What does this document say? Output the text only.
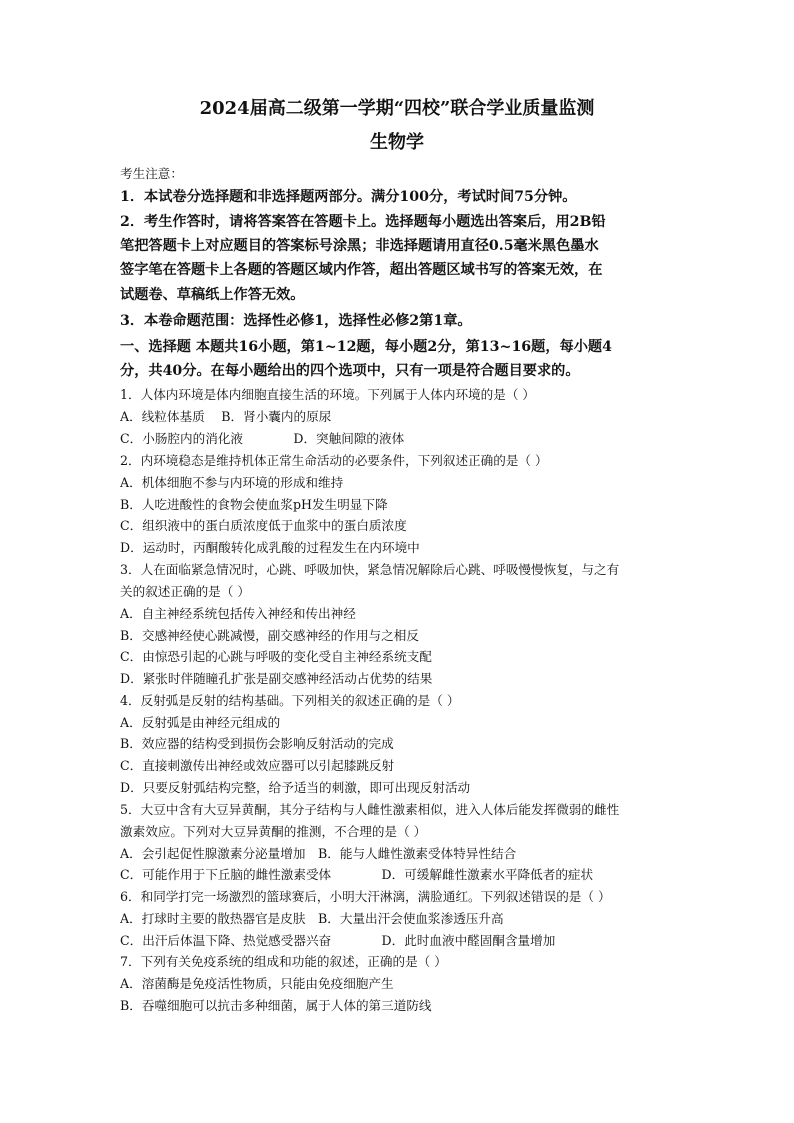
2024届高二级第一学期“四校”联合学业质量监测
生物学

考生注意：

1．本试卷分选择题和非选择题两部分。满分100分，考试时间75分钟。

2．考生作答时，请将答案答在答题卡上。选择题每小题选出答案后，用2B铅

笔把答题卡上对应题目的答案标号涂黑；非选择题请用直径0.5毫米黑色墨水

签字笔在答题卡上各题的答题区域内作答，超出答题区域书写的答案无效，在

试题卷、草稿纸上作答无效。

3．本卷命题范围：选择性必修1，选择性必修2第1章。

一、选择题 本题共16小题，第1~12题，每小题2分，第13~16题，每小题4

分，共40分。在每小题给出的四个选项中，只有一项是符合题目要求的。

1．人体内环境是体内细胞直接生活的环境。下列属于人体内环境的是（ ）

A．线粒体基质　 B．肾小囊内的原尿

C．小肠腔内的消化液　　　　D．突触间隙的液体

2．内环境稳态是维持机体正常生命活动的必要条件，下列叙述正确的是（ ）

A．机体细胞不参与内环境的形成和维持

B．人吃进酸性的食物会使血浆pH发生明显下降

C．组织液中的蛋白质浓度低于血浆中的蛋白质浓度

D．运动时，丙酮酸转化成乳酸的过程发生在内环境中

3．人在面临紧急情况时，心跳、呼吸加快，紧急情况解除后心跳、呼吸慢慢恢复，与之有

关的叙述正确的是（ ）

A．自主神经系统包括传入神经和传出神经

B．交感神经使心跳减慢，副交感神经的作用与之相反

C．由惊恐引起的心跳与呼吸的变化受自主神经系统支配

D．紧张时伴随瞳孔扩张是副交感神经活动占优势的结果

4．反射弧是反射的结构基础。下列相关的叙述正确的是（ ）

A．反射弧是由神经元组成的

B．效应器的结构受到损伤会影响反射活动的完成

C．直接刺激传出神经或效应器可以引起膝跳反射

D．只要反射弧结构完整，给予适当的刺激，即可出现反射活动

5．大豆中含有大豆异黄酮，其分子结构与人雌性激素相似，进入人体后能发挥微弱的雌性

激素效应。下列对大豆异黄酮的推测，不合理的是（ ）

A．会引起促性腺激素分泌量增加　B．能与人雌性激素受体特异性结合

C．可能作用于下丘脑的雌性激素受体　　　　D．可缓解雌性激素水平降低者的症状

6．和同学打完一场激烈的篮球赛后，小明大汗淋漓，满脸通红。下列叙述错误的是（ ）

A．打球时主要的散热器官是皮肤　B．大量出汗会使血浆渗透压升高

C．出汗后体温下降、热觉感受器兴奋　　　　D．此时血液中醛固酮含量增加

7．下列有关免疫系统的组成和功能的叙述，正确的是（ ）

A．溶菌酶是免疫活性物质，只能由免疫细胞产生

B．吞噬细胞可以抗击多种细菌，属于人体的第三道防线
